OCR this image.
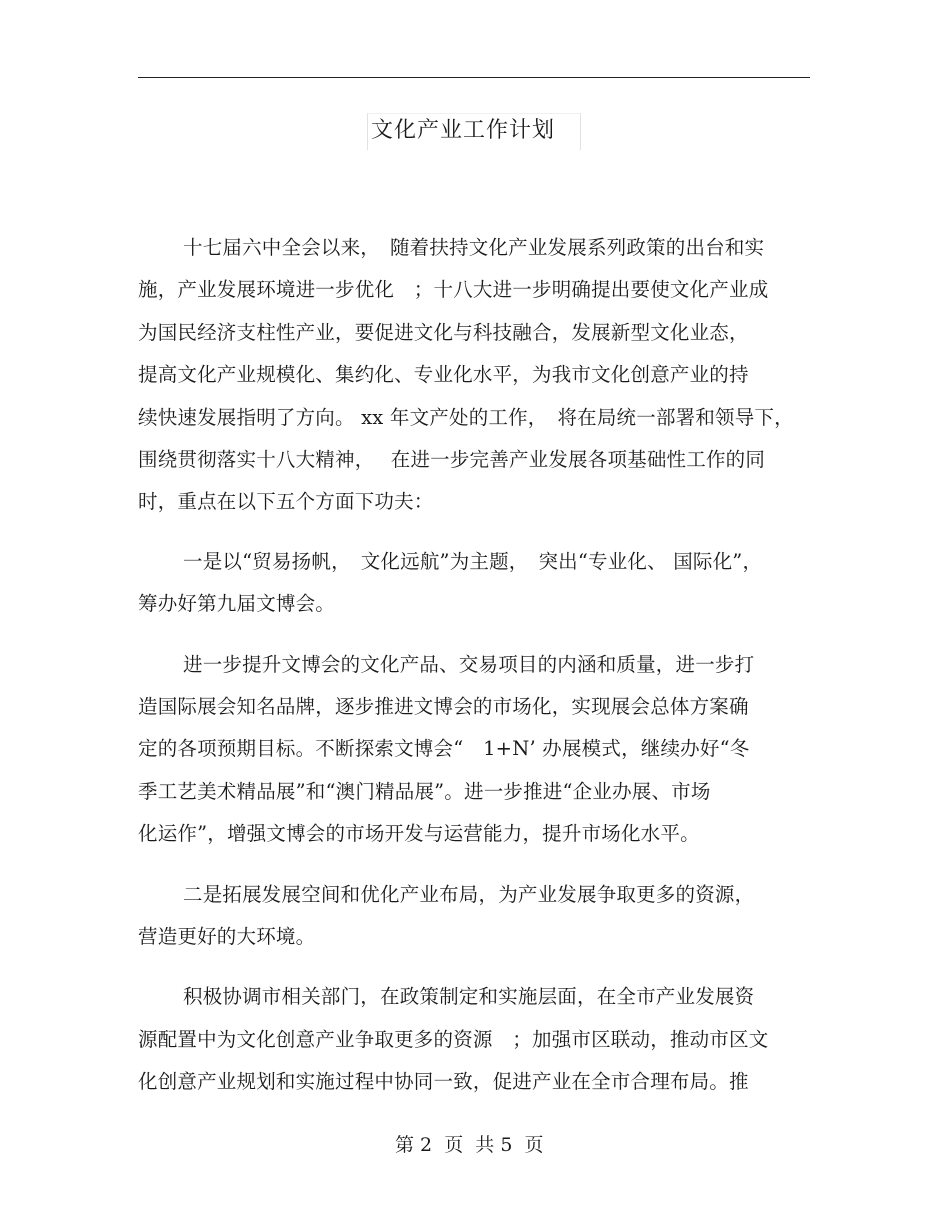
文化产业工作计划
十七届六中全会以来，　随着扶持文化产业发展系列政策的出台和实
施，产业发展环境进一步优化　；十八大进一步明确提出要使文化产业成
为国民经济支柱性产业，要促进文化与科技融合，发展新型文化业态，
提高文化产业规模化、集约化、专业化水平，为我市文化创意产业的持
续快速发展指明了方向。 xx 年文产处的工作，　将在局统一部署和领导下，
围绕贯彻落实十八大精神，　 在进一步完善产业发展各项基础性工作的同
时，重点在以下五个方面下功夫：
一是以“贸易扬帆，　文化远航”为主题，　突出“专业化、 国际化”，
筹办好第九届文博会。
进一步提升文博会的文化产品、交易项目的内涵和质量，进一步打
造国际展会知名品牌，逐步推进文博会的市场化，实现展会总体方案确
定的各项预期目标。不断探索文博会“　1+N’ 办展模式，继续办好“冬
季工艺美术精品展”和“澳门精品展”。进一步推进“企业办展、市场
化运作”，增强文博会的市场开发与运营能力，提升市场化水平。
二是拓展发展空间和优化产业布局，为产业发展争取更多的资源，
营造更好的大环境。
积极协调市相关部门，在政策制定和实施层面，在全市产业发展资
源配置中为文化创意产业争取更多的资源　；加强市区联动，推动市区文
化创意产业规划和实施过程中协同一致，促进产业在全市合理布局。推
第 2  页  共 5  页
